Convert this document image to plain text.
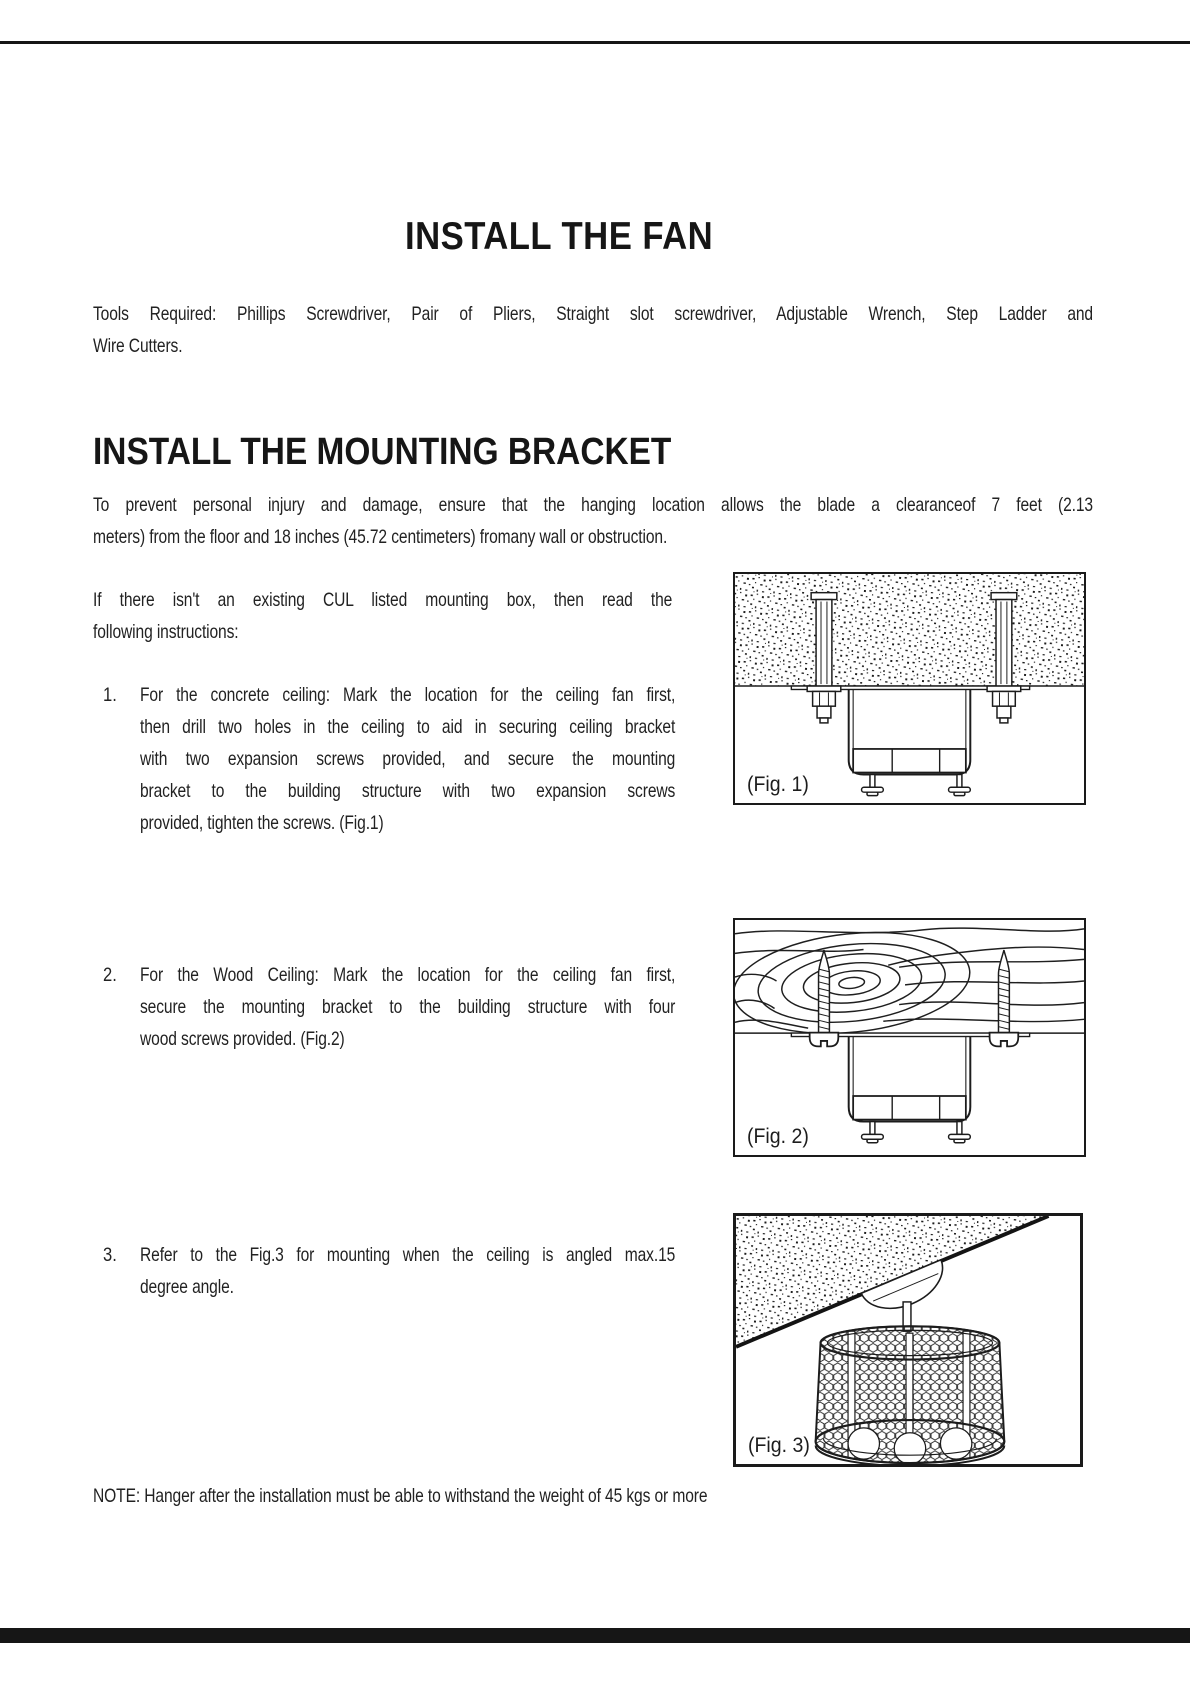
INSTALL THE FAN
Tools Required: Phillips Screwdriver, Pair of Pliers, Straight slot screwdriver, Adjustable Wrench, Step Ladder and
Wire Cutters.
INSTALL THE MOUNTING BRACKET
To prevent personal injury and damage, ensure that the hanging location allows the blade a clearanceof 7 feet (2.13
meters) from the floor and 18 inches (45.72 centimeters) fromany wall or obstruction.
If there isn't an existing CUL listed mounting box, then read the
following instructions:
1. For the concrete ceiling: Mark the location for the ceiling fan first,
then drill two holes in the ceiling to aid in securing ceiling bracket
with two expansion screws provided, and secure the mounting
bracket to the building structure with two expansion screws
provided, tighten the screws. (Fig.1)
2. For the Wood Ceiling: Mark the location for the ceiling fan first,
secure the mounting bracket to the building structure with four
wood screws provided. (Fig.2)
3. Refer to the Fig.3 for mounting when the ceiling is angled max.15
degree angle.
(Fig. 1)
(Fig. 2)
(Fig. 3)
NOTE: Hanger after the installation must be able to withstand the weight of 45 kgs or more
